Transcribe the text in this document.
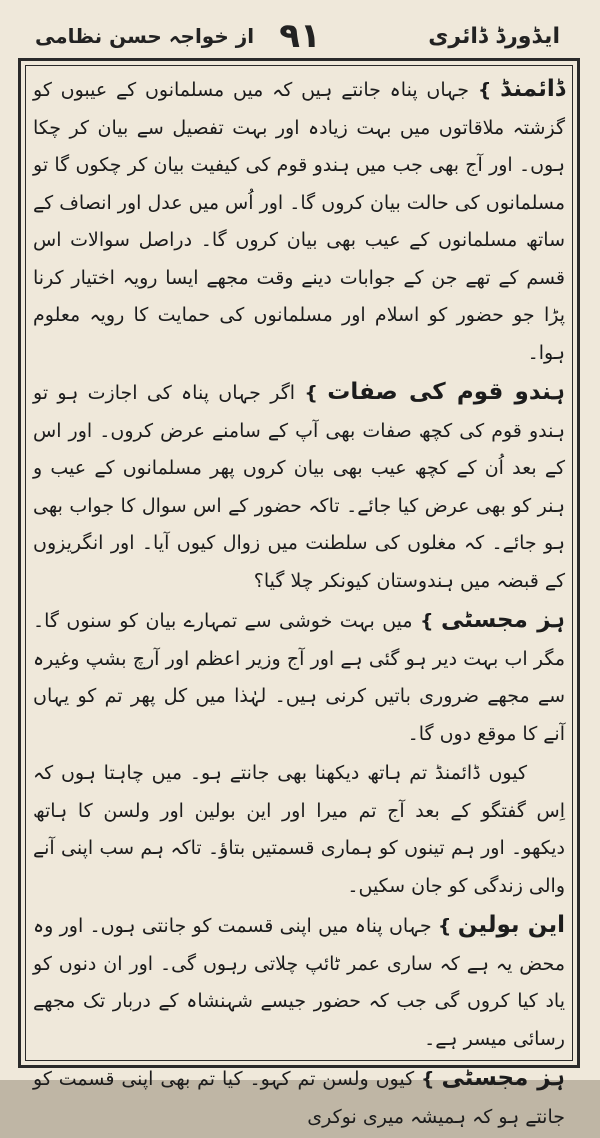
ایڈورڈ ڈائری
۹۱
از خواجہ حسن نظامی

ڈائمنڈ } جہاں پناہ جانتے ہیں کہ میں مسلمانوں کے عیبوں کو گزشتہ ملاقاتوں میں بہت زیادہ اور بہت تفصیل سے بیان کر چکا ہوں۔ اور آج بھی جب میں ہندو قوم کی کیفیت بیان کر چکوں گا تو مسلمانوں کی حالت بیان کروں گا۔ اور اُس میں عدل اور انصاف کے ساتھ مسلمانوں کے عیب بھی بیان کروں گا۔ دراصل سوالات اس قسم کے تھے جن کے جوابات دینے وقت مجھے ایسا رویہ اختیار کرنا پڑا جو حضور کو اسلام اور مسلمانوں کی حمایت کا رویہ معلوم ہوا۔

ہندو قوم کی صفات } اگر جہاں پناہ کی اجازت ہو تو ہندو قوم کی کچھ صفات بھی آپ کے سامنے عرض کروں۔ اور اس کے بعد اُن کے کچھ عیب بھی بیان کروں پھر مسلمانوں کے عیب و ہنر کو بھی عرض کیا جائے۔ تاکہ حضور کے اس سوال کا جواب بھی ہو جائے۔ کہ مغلوں کی سلطنت میں زوال کیوں آیا۔ اور انگریزوں کے قبضہ میں ہندوستان کیونکر چلا گیا؟

ہز مجسٹی } میں بہت خوشی سے تمہارے بیان کو سنوں گا۔ مگر اب بہت دیر ہو گئی ہے اور آج وزیر اعظم اور آرچ بشپ وغیرہ سے مجھے ضروری باتیں کرنی ہیں۔ لہٰذا میں کل پھر تم کو یہاں آنے کا موقع دوں گا۔

  کیوں ڈائمنڈ تم ہاتھ دیکھنا بھی جانتے ہو۔ میں چاہتا ہوں کہ اِس گفتگو کے بعد آج تم میرا اور این بولین اور ولسن کا ہاتھ دیکھو۔ اور ہم تینوں کو ہماری قسمتیں بتاؤ۔ تاکہ ہم سب اپنی آنے والی زندگی کو جان سکیں۔

این بولین } جہاں پناہ میں اپنی قسمت کو جانتی ہوں۔ اور وہ محض یہ ہے کہ ساری عمر ٹائپ چلاتی رہوں گی۔ اور ان دنوں کو یاد کیا کروں گی جب کہ حضور جیسے شہنشاہ کے دربار تک مجھے رسائی میسر ہے۔

ہز مجسٹی } کیوں ولسن تم کہو۔ کیا تم بھی اپنی قسمت کو جانتے ہو کہ ہمیشہ میری نوکری
